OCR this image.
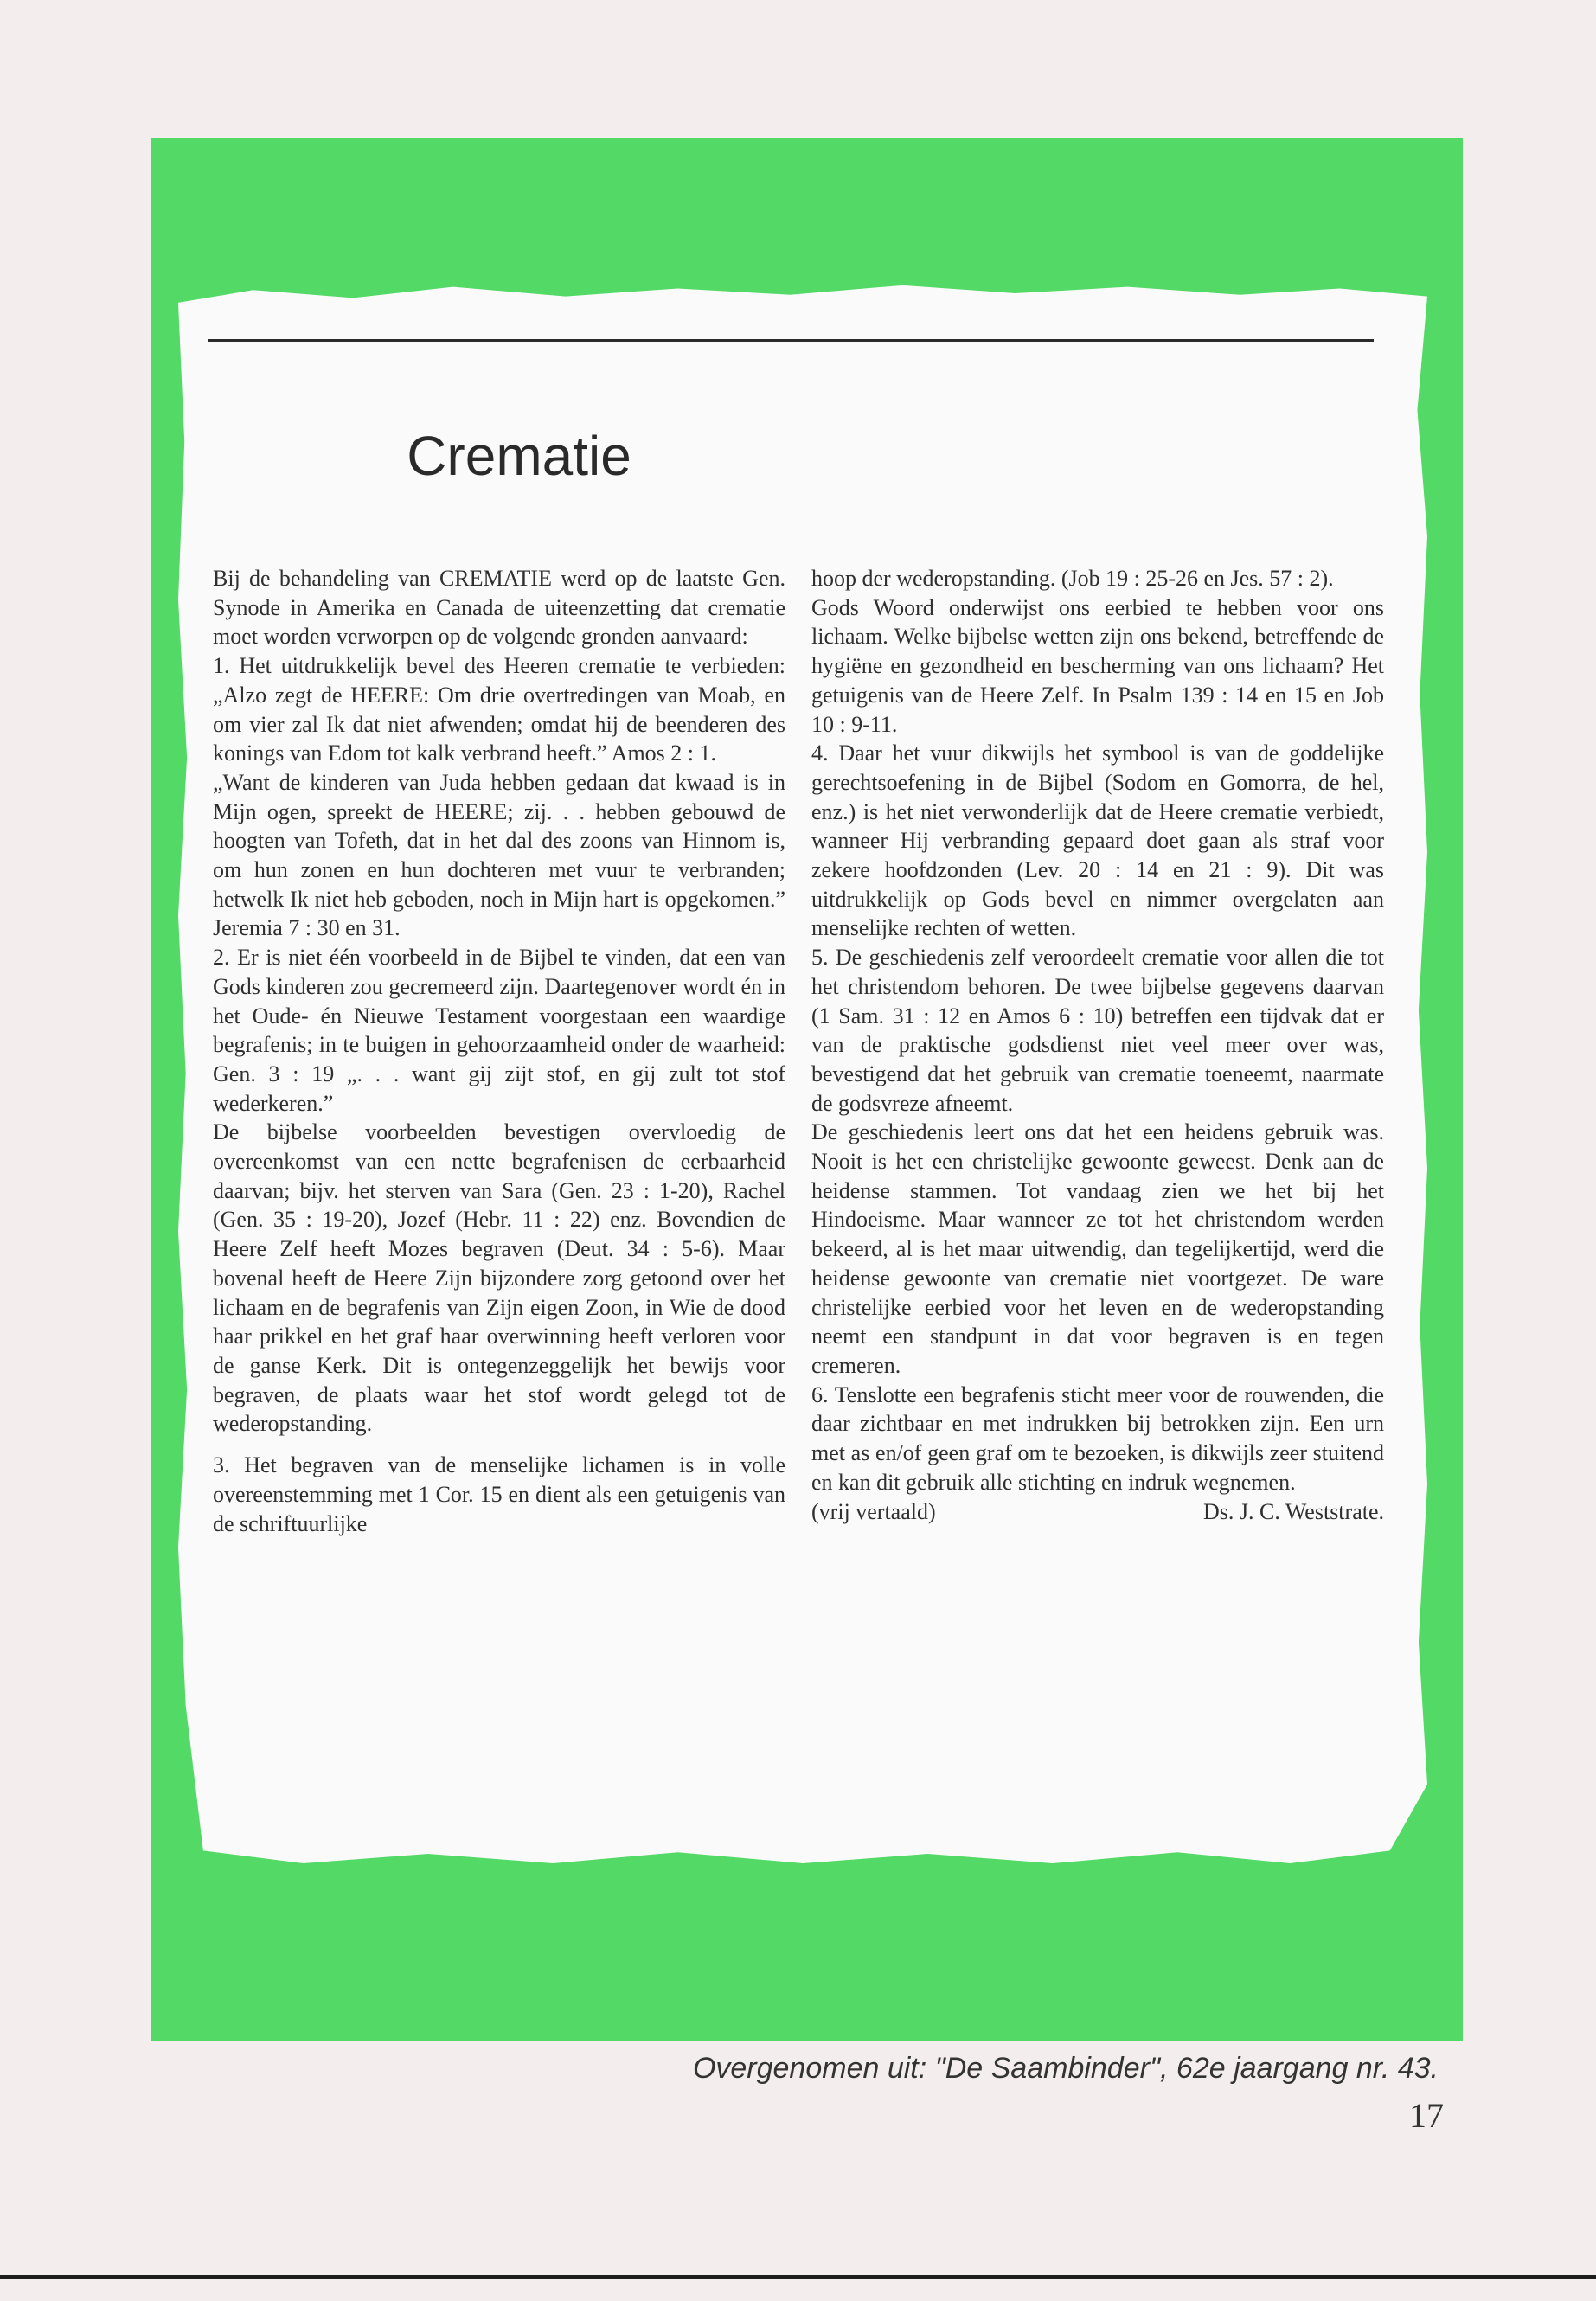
Crematie

Bij de behandeling van CREMATIE werd op de laatste Gen. Synode in Amerika en Canada de uiteenzetting dat crematie moet worden verworpen op de volgende gronden aanvaard:

1. Het uitdrukkelijk bevel des Heeren crematie te verbieden: „Alzo zegt de HEERE: Om drie overtredingen van Moab, en om vier zal Ik dat niet afwenden; omdat hij de beenderen des konings van Edom tot kalk verbrand heeft.” Amos 2 : 1.

„Want de kinderen van Juda hebben gedaan dat kwaad is in Mijn ogen, spreekt de HEERE; zij. . . hebben gebouwd de hoogten van Tofeth, dat in het dal des zoons van Hinnom is, om hun zonen en hun dochteren met vuur te verbranden; hetwelk Ik niet heb geboden, noch in Mijn hart is opgekomen.” Jeremia 7 : 30 en 31.

2. Er is niet één voorbeeld in de Bijbel te vinden, dat een van Gods kinderen zou gecremeerd zijn. Daartegenover wordt én in het Oude- én Nieuwe Testament voorgestaan een waardige begrafenis; in te buigen in gehoorzaamheid onder de waarheid: Gen. 3 : 19 „. . . want gij zijt stof, en gij zult tot stof wederkeren.”

De bijbelse voorbeelden bevestigen overvloedig de overeenkomst van een nette begrafenisen de eerbaarheid daarvan; bijv. het sterven van Sara (Gen. 23 : 1-20), Rachel (Gen. 35 : 19-20), Jozef (Hebr. 11 : 22) enz. Bovendien de Heere Zelf heeft Mozes begraven (Deut. 34 : 5-6). Maar bovenal heeft de Heere Zijn bijzondere zorg getoond over het lichaam en de begrafenis van Zijn eigen Zoon, in Wie de dood haar prikkel en het graf haar overwinning heeft verloren voor de ganse Kerk. Dit is ontegenzeggelijk het bewijs voor begraven, de plaats waar het stof wordt gelegd tot de wederopstanding.

3. Het begraven van de menselijke lichamen is in volle overeenstemming met 1 Cor. 15 en dient als een getuigenis van de schriftuurlijke

hoop der wederopstanding. (Job 19 : 25-26 en Jes. 57 : 2).

Gods Woord onderwijst ons eerbied te hebben voor ons lichaam. Welke bijbelse wetten zijn ons bekend, betreffende de hygiëne en gezondheid en bescherming van ons lichaam? Het getuigenis van de Heere Zelf. In Psalm 139 : 14 en 15 en Job 10 : 9-11.

4. Daar het vuur dikwijls het symbool is van de goddelijke gerechtsoefening in de Bijbel (Sodom en Gomorra, de hel, enz.) is het niet verwonderlijk dat de Heere crematie verbiedt, wanneer Hij verbranding gepaard doet gaan als straf voor zekere hoofdzonden (Lev. 20 : 14 en 21 : 9). Dit was uitdrukkelijk op Gods bevel en nimmer overgelaten aan menselijke rechten of wetten.

5. De geschiedenis zelf veroordeelt crematie voor allen die tot het christendom behoren. De twee bijbelse gegevens daarvan (1 Sam. 31 : 12 en Amos 6 : 10) betreffen een tijdvak dat er van de praktische godsdienst niet veel meer over was, bevestigend dat het gebruik van crematie toeneemt, naarmate de godsvreze afneemt.

De geschiedenis leert ons dat het een heidens gebruik was. Nooit is het een christelijke gewoonte geweest. Denk aan de heidense stammen. Tot vandaag zien we het bij het Hindoeisme. Maar wanneer ze tot het christendom werden bekeerd, al is het maar uitwendig, dan tegelijkertijd, werd die heidense gewoonte van crematie niet voortgezet. De ware christelijke eerbied voor het leven en de wederopstanding neemt een standpunt in dat voor begraven is en tegen cremeren.

6. Tenslotte een begrafenis sticht meer voor de rouwenden, die daar zichtbaar en met indrukken bij betrokken zijn. Een urn met as en/of geen graf om te bezoeken, is dikwijls zeer stuitend en kan dit gebruik alle stichting en indruk wegnemen.

(vrij vertaald)	Ds. J. C. Weststrate.
Overgenomen uit: "De Saambinder", 62e jaargang nr. 43.
17
